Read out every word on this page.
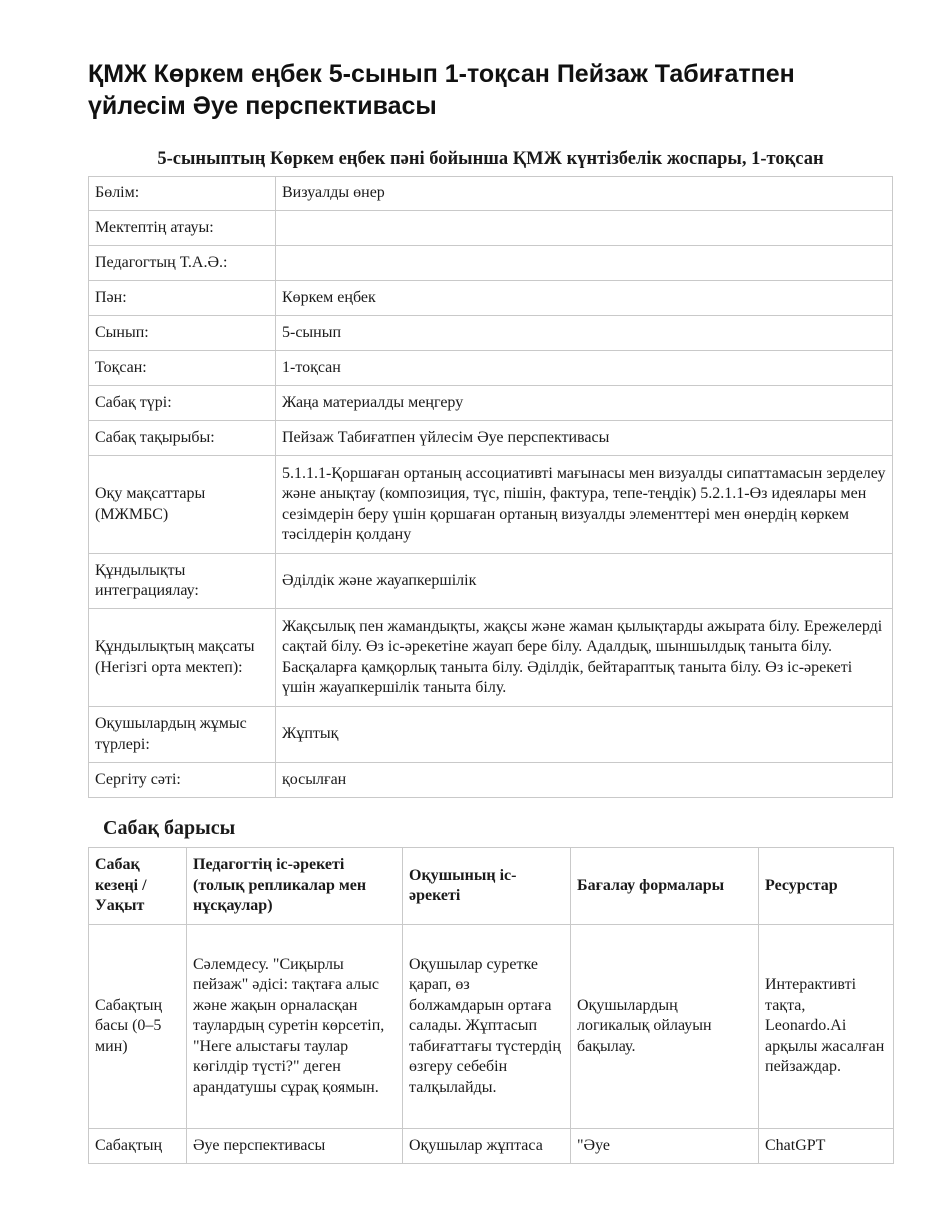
ҚМЖ Көркем еңбек 5-сынып 1-тоқсан Пейзаж Табиғатпен үйлесім Әуе перспективасы
5-сыныптың Көркем еңбек пәні бойынша ҚМЖ күнтізбелік жоспары, 1-тоқсан
Бөлім:	Визуалды өнер
Мектептің атауы:	
Педагогтың Т.А.Ә.:	
Пән:	Көркем еңбек
Сынып:	5-сынып
Тоқсан:	1-тоқсан
Сабақ түрі:	Жаңа материалды меңгеру
Сабақ тақырыбы:	Пейзаж Табиғатпен үйлесім Әуе перспективасы
Оқу мақсаттары (МЖМБС)	5.1.1.1-Қоршаған ортаның ассоциативті мағынасы мен визуалды сипаттамасын зерделеу және анықтау (композиция, түс, пішін, фактура, тепе-теңдік) 5.2.1.1-Өз идеялары мен сезімдерін беру үшін қоршаған ортаның визуалды элементтері мен өнердің көркем тәсілдерін қолдану
Құндылықты интеграциялау:	Әділдік және жауапкершілік
Құндылықтың мақсаты (Негізгі орта мектеп):	Жақсылық пен жамандықты, жақсы және жаман қылықтарды ажырата білу. Ережелерді сақтай білу. Өз іс-әрекетіне жауап бере білу. Адалдық, шыншылдық таныта білу. Басқаларға қамқорлық таныта білу. Әділдік, бейтараптық таныта білу. Өз іс-әрекеті үшін жауапкершілік таныта білу.
Оқушылардың жұмыс түрлері:	Жұптық
Сергіту сәті:	қосылған
Сабақ барысы
Сабақ кезеңі / Уақыт	Педагогтің іс-әрекеті (толық репликалар мен нұсқаулар)	Оқушының іс-әрекеті	Бағалау формалары	Ресурстар
Сабақтың басы (0–5 мин)	Сәлемдесу. "Сиқырлы пейзаж" әдісі: тақтаға алыс және жақын орналасқан таулардың суретін көрсетіп, "Неге алыстағы таулар көгілдір түсті?" деген арандатушы сұрақ қоямын.	Оқушылар суретке қарап, өз болжамдарын ортаға салады. Жұптасып табиғаттағы түстердің өзгеру себебін талқылайды.	Оқушылардың логикалық ойлауын бақылау.	Интерактивті тақта, Leonardo.Ai арқылы жасалған пейзаждар.
Сабақтың	Әуе перспективасы	Оқушылар жұптаса	"Әуе	ChatGPT
